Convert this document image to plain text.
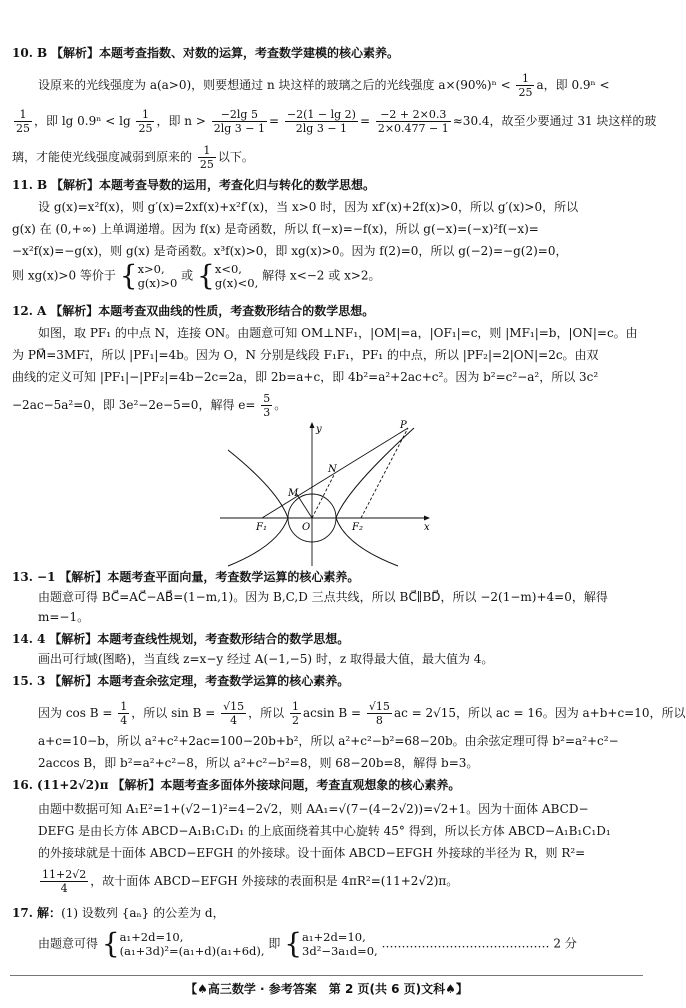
10. B 【解析】本题考查指数、对数的运算，考查数学建模的核心素养。
设原来的光线强度为 a(a>0)，则要想通过 n 块这样的玻璃之后的光线强度 $a\times(90\%)^n < \frac{1}{25}$ a，即 0.9ⁿ <
$\frac{1}{25}$ ，即 $\lg 0.9^n < \lg \frac{1}{25}$ ，即 $n > \frac{-2\lg 5}{2\lg 3 - 1} = \frac{-2(1 - \lg 2)}{2\lg 3 - 1} = \frac{-2 + 2\times 0.3}{2\times 0.477 - 1} \approx 30.4$，故至少要通过 31 块这样的玻
璃，才能使光线强度减弱到原来的 $\frac{1}{25}$ 以下。
11. B 【解析】本题考查导数的运用，考查化归与转化的数学思想。
设 g(x)=x²f(x)，则 g′(x)=2xf(x)+x²f′(x)，当 x>0 时，因为 xf′(x)+2f(x)>0，所以 g′(x)>0，所以
g(x) 在 (0,+∞) 上单调递增。因为 f(x) 是奇函数，所以 f(−x)=−f(x)，所以 g(−x)=(−x)²f(−x)=
−x²f(x)=−g(x)，则 g(x) 是奇函数。x³f(x)>0，即 xg(x)>0。因为 f(2)=0，所以 g(−2)=−g(2)=0，
则 xg(x)>0 等价于 {x>0,
g(x)>0 或 {x<0,
g(x)<0, 解得 x<−2 或 x>2。
12. A 【解析】本题考查双曲线的性质，考查数形结合的数学思想。
如图，取 PF₁ 的中点 N，连接 ON。由题意可知 OM⊥NF₁，|OM|=a，|OF₁|=c，则 |MF₁|=b，|ON|=c。由
为 PM⃗=3MF₁⃗，所以 |PF₁|=4b。因为 O，N 分别是线段 F₁F₁，PF₁ 的中点，所以 |PF₂|=2|ON|=2c。由双
曲线的定义可知 |PF₁|−|PF₂|=4b−2c=2a，即 2b=a+c，即 4b²=a²+2ac+c²。因为 b²=c²−a²，所以 3c²
−2ac−5a²=0，即 3e²−2e−5=0，解得 $e= \frac{5}{3}$ 。
y
x
P
N
M
O
F₁	F₂
13. −1 【解析】本题考查平面向量，考查数学运算的核心素养。
由题意可得 BC⃗=AC⃗−AB⃗=(1−m,1)。因为 B,C,D 三点共线，所以 BC⃗∥BD⃗，所以 −2(1−m)+4=0，解得
m=−1。
14. 4 【解析】本题考查线性规划，考查数形结合的数学思想。
画出可行域(图略)，当直线 z=x−y 经过 A(−1,−5) 时，z 取得最大值，最大值为 4。
15. 3 【解析】本题考查余弦定理，考查数学运算的核心素养。
因为 $\cos B = \frac{1}{4}$ ，所以 $\sin B = \frac{√15}{4}$ ，所以 $\frac{1}{2}$ acsin $B = \frac{√15}{8}$ ac = 2√15，所以 ac = 16。因为 a+b+c=10，所以
a+c=10−b，所以 a²+c²+2ac=100−20b+b²，所以 a²+c²−b²=68−20b。由余弦定理可得 b²=a²+c²−
2accos B，即 b²=a²+c²−8，所以 a²+c²−b²=8，则 68−20b=8，解得 b=3。
16. (11+2√2)π 【解析】本题考查多面体外接球问题，考查直观想象的核心素养。
由题中数据可知 A₁E²=1+(√2−1)²=4−2√2，则 AA₁=√(7−(4−2√2))=√2+1。因为十面体 ABCD−
DEFG 是由长方体 ABCD−A₁B₁C₁D₁ 的上底面绕着其中心旋转 45° 得到，所以长方体 ABCD−A₁B₁C₁D₁
的外接球就是十面体 ABCD−EFGH 的外接球。设十面体 ABCD−EFGH 外接球的半径为 R，则 R²=
$\frac{11+2√2}{4}$ ，故十面体 ABCD−EFGH 外接球的表面积是 4πR²=(11+2√2)π。
17. 解：(1) 设数列 {aₙ} 的公差为 d，
由题意可得 {a₁+2d=10,
(a₁+3d)²=(a₁+d)(a₁+6d), 即 {a₁+2d=10,
3d²−3a₁d=0, …………………………………… 2 分
【♠高三数学 · 参考答案　第 2 页(共 6 页)文科♠】
